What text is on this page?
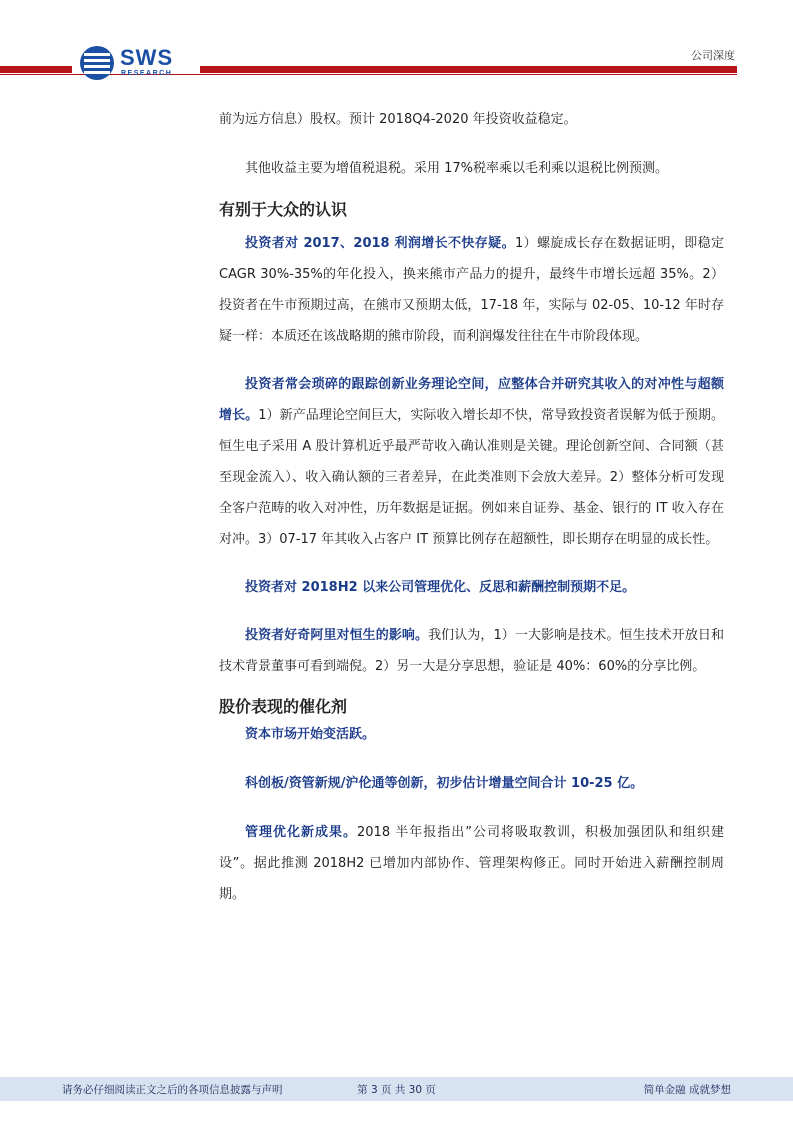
SWS
RESEARCH
公司深度

前为远方信息）股权。预计 2018Q4-2020 年投资收益稳定。

其他收益主要为增值税退税。采用 17%税率乘以毛利乘以退税比例预测。

有别于大众的认识

投资者对 2017、2018 利润增长不快存疑。1）螺旋成长存在数据证明，即稳定 CAGR 30%-35%的年化投入，换来熊市产品力的提升，最终牛市增长远超 35%。2）投资者在牛市预期过高，在熊市又预期太低，17-18 年，实际与 02-05、10-12 年时存疑一样：本质还在该战略期的熊市阶段，而利润爆发往往在牛市阶段体现。

投资者常会琐碎的跟踪创新业务理论空间，应整体合并研究其收入的对冲性与超额增长。1）新产品理论空间巨大，实际收入增长却不快，常导致投资者误解为低于预期。恒生电子采用 A 股计算机近乎最严苛收入确认准则是关键。理论创新空间、合同额（甚至现金流入）、收入确认额的三者差异，在此类准则下会放大差异。2）整体分析可发现全客户范畴的收入对冲性，历年数据是证据。例如来自证券、基金、银行的 IT 收入存在对冲。3）07-17 年其收入占客户 IT 预算比例存在超额性，即长期存在明显的成长性。

投资者对 2018H2 以来公司管理优化、反思和薪酬控制预期不足。

投资者好奇阿里对恒生的影响。我们认为，1）一大影响是技术。恒生技术开放日和技术背景董事可看到端倪。2）另一大是分享思想，验证是 40%：60%的分享比例。

股价表现的催化剂

资本市场开始变活跃。

科创板/资管新规/沪伦通等创新，初步估计增量空间合计 10-25 亿。

管理优化新成果。2018 半年报指出”公司将吸取教训，积极加强团队和组织建设”。据此推测 2018H2 已增加内部协作、管理架构修正。同时开始进入薪酬控制周期。

请务必仔细阅读正文之后的各项信息披露与声明	第 3 页 共 30 页	简单金融 成就梦想
